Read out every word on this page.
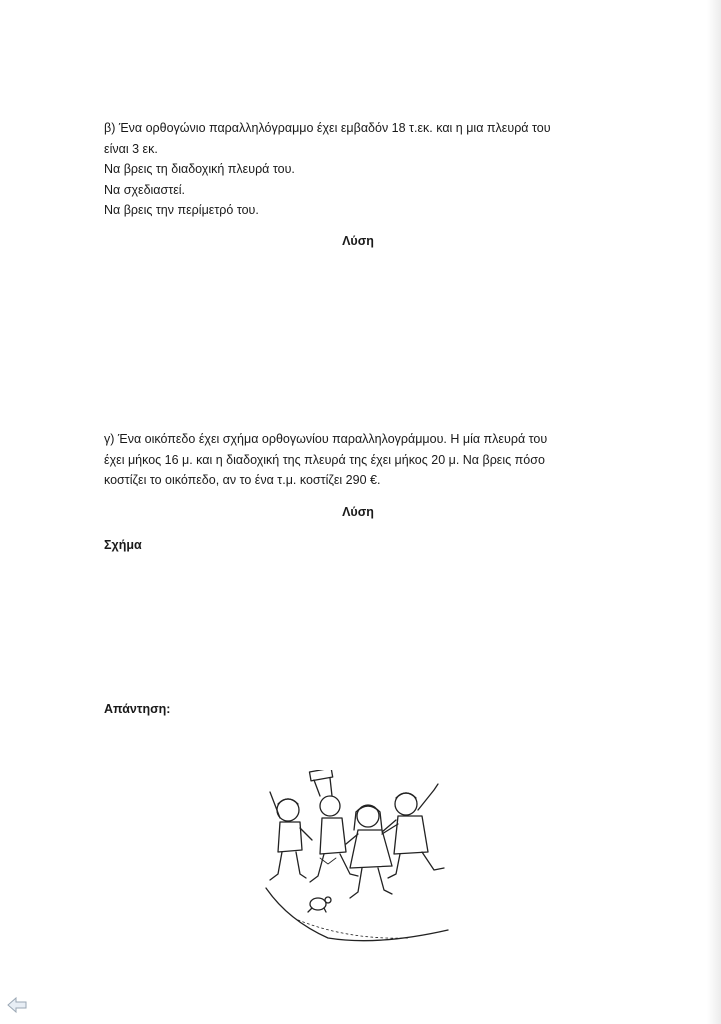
β) Ένα ορθογώνιο παραλληλόγραμμο έχει εμβαδόν 18 τ.εκ. και η μια πλευρά του
είναι 3 εκ.
Να βρεις τη διαδοχική πλευρά του.
Να σχεδιαστεί.
Να βρεις την περίμετρό του.
Λύση
γ) Ένα οικόπεδο έχει σχήμα ορθογωνίου παραλληλογράμμου. Η μία πλευρά του
έχει μήκος 16 μ. και η διαδοχική της πλευρά της έχει μήκος 20 μ. Να βρεις πόσο
κοστίζει το οικόπεδο, αν το ένα τ.μ. κοστίζει 290 €.
Λύση
Σχήμα
Απάντηση:
